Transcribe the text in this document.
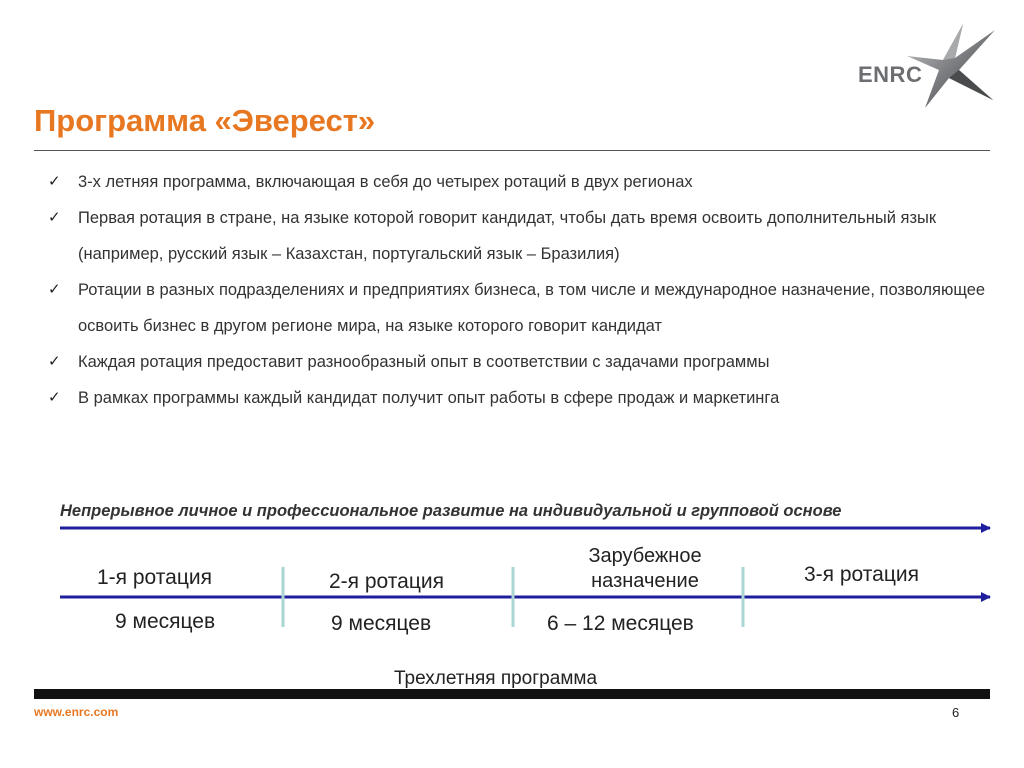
ENRC
Программа «Эверест»
✓ 3-х летняя программа, включающая в себя до четырех ротаций в двух регионах
✓ Первая ротация в стране, на языке которой говорит кандидат, чтобы дать время освоить дополнительный язык (например, русский язык – Казахстан, португальский язык – Бразилия)
✓ Ротации в разных подразделениях и предприятиях бизнеса, в том числе и международное назначение, позволяющее освоить бизнес в другом регионе мира, на языке которого говорит кандидат
✓ Каждая ротация предоставит разнообразный опыт в соответствии с задачами программы
✓ В рамках программы каждый кандидат получит опыт работы в сфере продаж и маркетинга
Непрерывное личное и профессиональное развитие на индивидуальной и групповой основе
1-я ротация
9 месяцев
2-я ротация
9 месяцев
Зарубежное назначение
6 – 12 месяцев
3-я ротация
Трехлетняя программа
www.enrc.com	6
